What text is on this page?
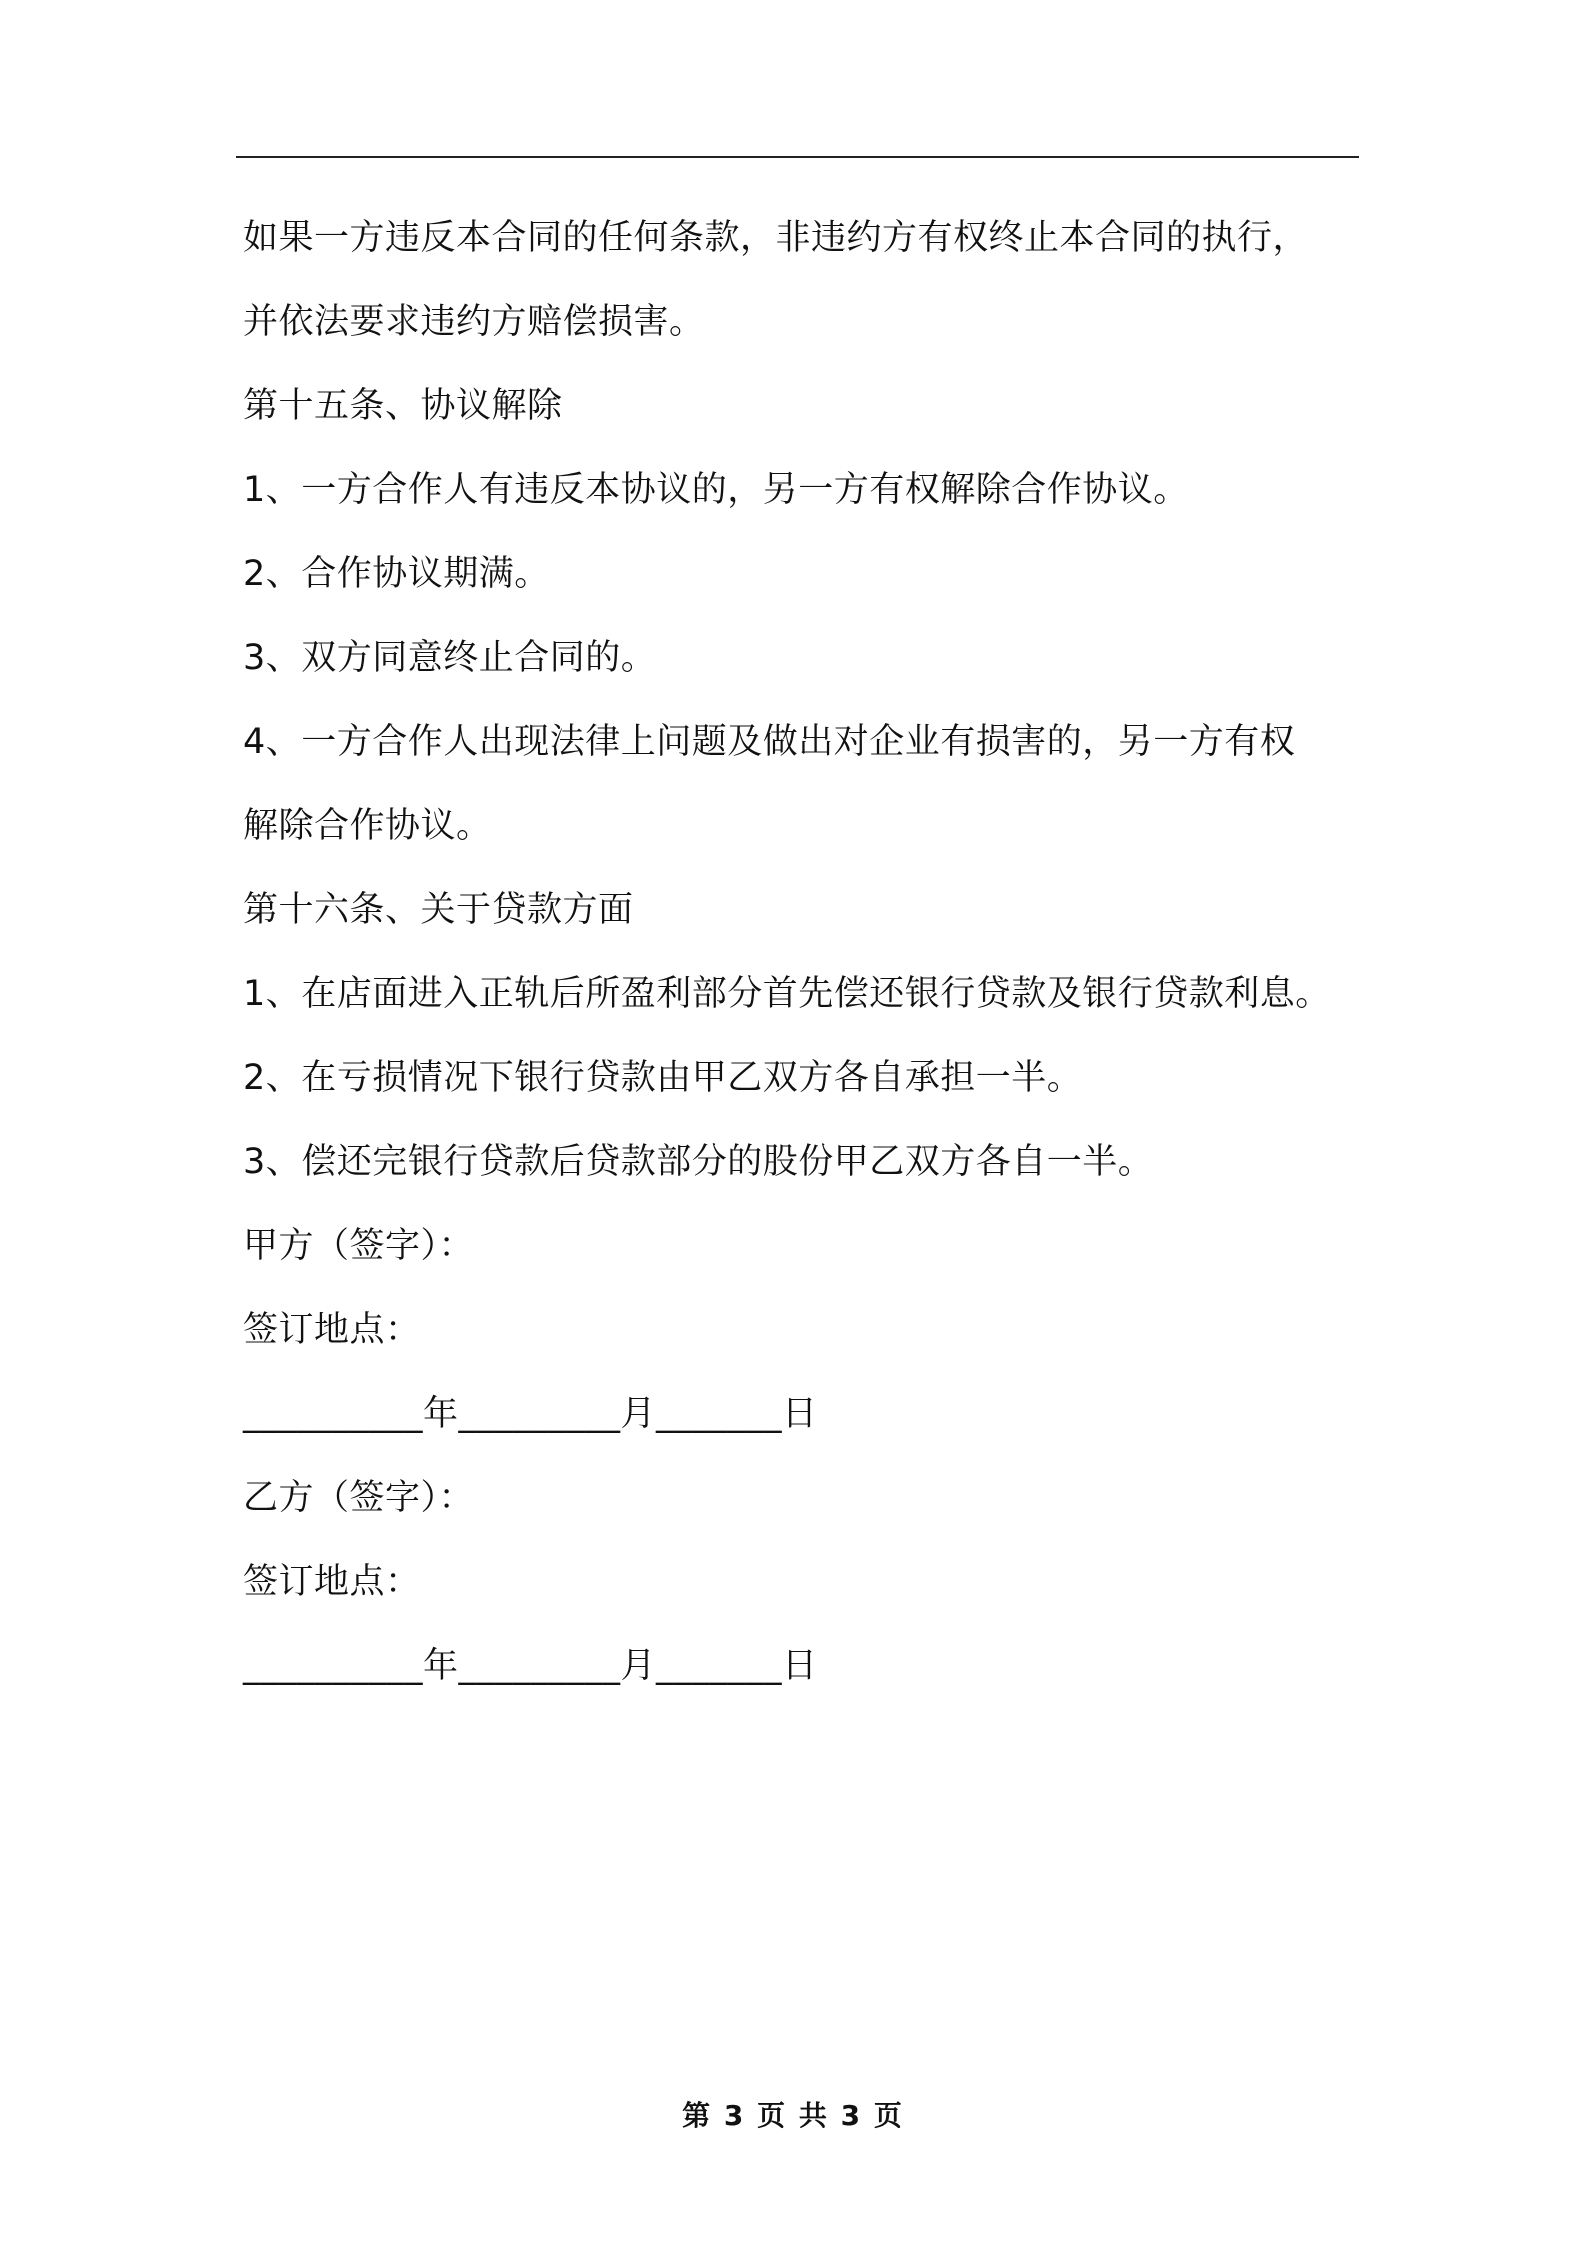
如果一方违反本合同的任何条款，非违约方有权终止本合同的执行，
并依法要求违约方赔偿损害。
第十五条、协议解除
1、一方合作人有违反本协议的，另一方有权解除合作协议。
2、合作协议期满。
3、双方同意终止合同的。
4、一方合作人出现法律上问题及做出对企业有损害的，另一方有权
解除合作协议。
第十六条、关于贷款方面
1、在店面进入正轨后所盈利部分首先偿还银行贷款及银行贷款利息。
2、在亏损情况下银行贷款由甲乙双方各自承担一半。
3、偿还完银行贷款后贷款部分的股份甲乙双方各自一半。
甲方（签字）：
签订地点：
__________年_________月_______日
乙方（签字）：
签订地点：
__________年_________月_______日
第 3 页 共 3 页
